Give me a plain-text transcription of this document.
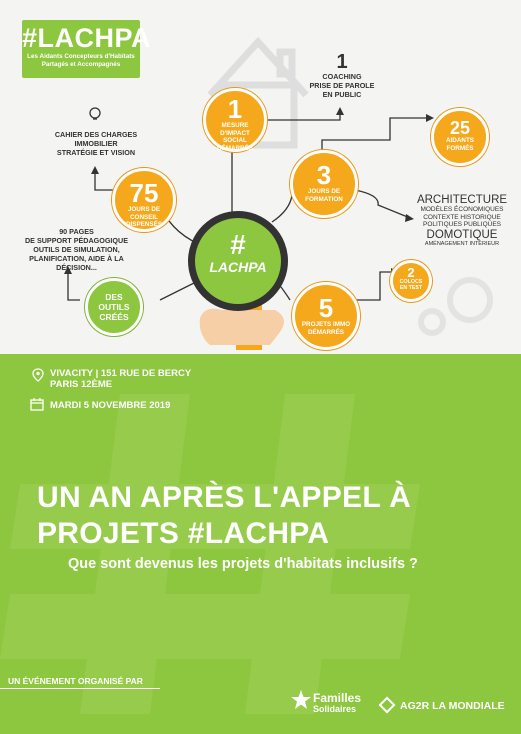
#LACHPA
Les Aidants Concepteurs d'Habitats
Partagés et Accompagnés	1
COACHING
PRISE DE PAROLE
EN PUBLIC
1
MESURE D'IMPACT
SOCIAL
DÉMARRÉE
25
AIDANTS
FORMÉS
CAHIER DES CHARGES
IMMOBILIER
STRATÉGIE ET VISION
75
JOURS DE CONSEIL
DISPENSÉS
3
JOURS DE
FORMATION	ARCHITECTURE
MODÈLES ÉCONOMIQUES
CONTEXTE HISTORIQUE
POLITIQUES PUBLIQUES
DOMOTIQUE
AMÉNAGEMENT INTÉRIEUR
#
LACHPA
90 PAGES
DE SUPPORT PÉDAGOGIQUE
OUTILS DE SIMULATION,
PLANIFICATION, AIDE À LA
DÉCISION...	2
COLOCS
EN TEST
5
PROJETS IMMO
DÉMARRÉS
DES
OUTILS
CRÉÉS
VIVACITY | 151 RUE DE BERCY
PARIS 12ÈME
MARDI 5 NOVEMBRE 2019
UN AN APRÈS L'APPEL À
PROJETS #LACHPA
Que sont devenus les projets d'habitats inclusifs ?
UN ÉVÉNEMENT ORGANISÉ PAR
Familles
Solidaires	AG2R LA MONDIALE
